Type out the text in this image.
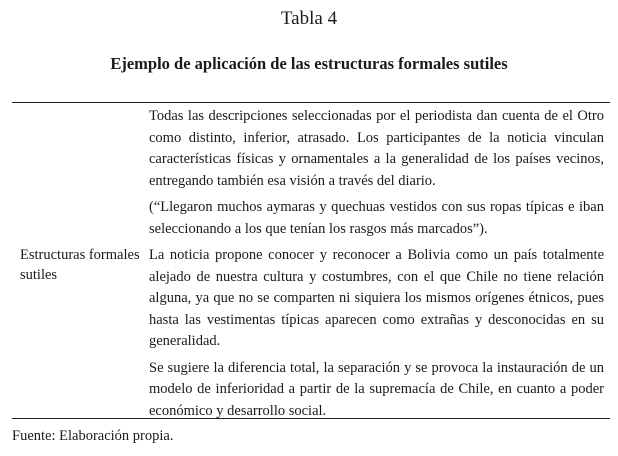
Tabla 4
Ejemplo de aplicación de las estructuras formales sutiles
Estructuras formales sutiles

Todas las descripciones seleccionadas por el periodista dan cuenta de el Otro como distinto, inferior, atrasado. Los participantes de la noticia vinculan características físicas y ornamentales a la generalidad de los países vecinos, entregando también esa visión a través del diario.

(“Llegaron muchos aymaras y quechuas vestidos con sus ropas típicas e iban seleccionando a los que tenían los rasgos más marcados”).

La noticia propone conocer y reconocer a Bolivia como un país totalmente alejado de nuestra cultura y costumbres, con el que Chile no tiene relación alguna, ya que no se comparten ni siquiera los mismos orígenes étnicos, pues hasta las vestimentas típicas aparecen como extrañas y desconocidas en su generalidad.

Se sugiere la diferencia total, la separación y se provoca la instauración de un modelo de inferioridad a partir de la supremacía de Chile, en cuanto a poder económico y desarrollo social.

Fuente: Elaboración propia.
